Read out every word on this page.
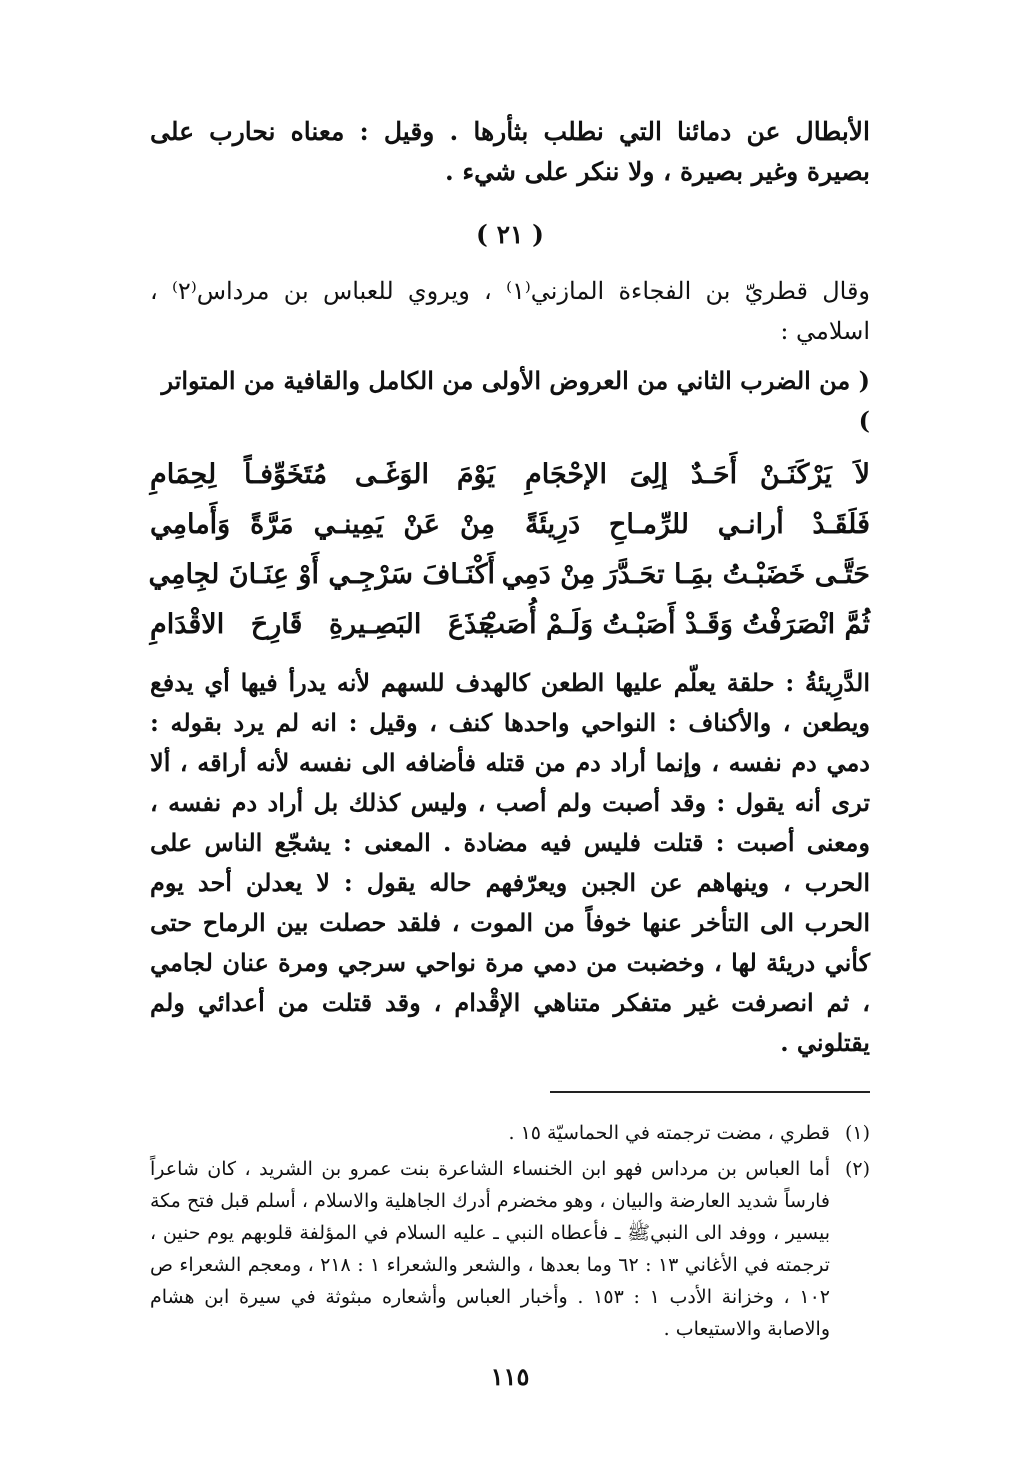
الأبطال عن دمائنا التي نطلب بثأرها . وقيل : معناه نحارب على بصيرة وغير بصيرة ، ولا ننكر على شيء .

( ٢١ )

وقال قطريّ بن الفجاءة المازني⁽١⁾ ، ويروي للعباس بن مرداس⁽٢⁾ ، اسلامي :

( من الضرب الثاني من العروض الأولى من الكامل والقافية من المتواتر )

لاَ يَرْكَنَـنْ أَحَـدٌ إلِىَ الإحْجَامِ
يَوْمَ الوَغَـى مُتَخَوِّفـاً لِحِمَامِ
فَلَقَـدْ أرانـي للرِّمـاحِ دَرِيئَةً
مِنْ عَنْ يَمِينـي مَرَّةً وَأَمامِي
حَتَّـى خَضَبْـتُ بمَِـا تحَـدَّرَ مِنْ دَمِي
أَكْنَـافَ سَرْجِـي أَوْ عِنَـانَ لجِامِي
ثُمَّ انْصَرَفْتُ وَقَـدْ أَصَبْـتُ وَلَـمْ أُصَبْ
جَذَعَ البَصِـيرةِ قَارِحَ الاقْدَامِ

الدَّرِيئةُ : حلقة يعلّم عليها الطعن كالهدف للسهم لأنه يدرأ فيها أي يدفع ويطعن ، والأكناف : النواحي واحدها كنف ، وقيل : انه لم يرد بقوله : دمي دم نفسه ، وإنما أراد دم من قتله فأضافه الى نفسه لأنه أراقه ، ألا ترى أنه يقول : وقد أصبت ولم أصب ، وليس كذلك بل أراد دم نفسه ، ومعنى أصبت : قتلت فليس فيه مضادة . المعنى : يشجّع الناس على الحرب ، وينهاهم عن الجبن ويعرّفهم حاله يقول : لا يعدلن أحد يوم الحرب الى التأخر عنها خوفاً من الموت ، فلقد حصلت بين الرماح حتى كأني دريئة لها ، وخضبت من دمي مرة نواحي سرجي ومرة عنان لجامي ، ثم انصرفت غير متفكر متناهي الإقْدام ، وقد قتلت من أعدائي ولم يقتلوني .

(١)
قطري ، مضت ترجمته في الحماسيّة ١٥ .
(٢)
أما العباس بن مرداس فهو ابن الخنساء الشاعرة بنت عمرو بن الشريد ، كان شاعراً فارساً شديد العارضة والبيان ، وهو مخضرم أدرك الجاهلية والاسلام ، أسلم قبل فتح مكة بيسير ، ووفد الى النبيﷺ ـ فأعطاه النبي ـ عليه السلام في المؤلفة قلوبهم يوم حنين ، ترجمته في الأغاني ١٣ : ٦٢ وما بعدها ، والشعر والشعراء ١ : ٢١٨ ، ومعجم الشعراء ص ١٠٢ ، وخزانة الأدب ١ : ١٥٣ . وأخبار العباس وأشعاره مبثوثة في سيرة ابن هشام والاصابة والاستيعاب .
١١٥
